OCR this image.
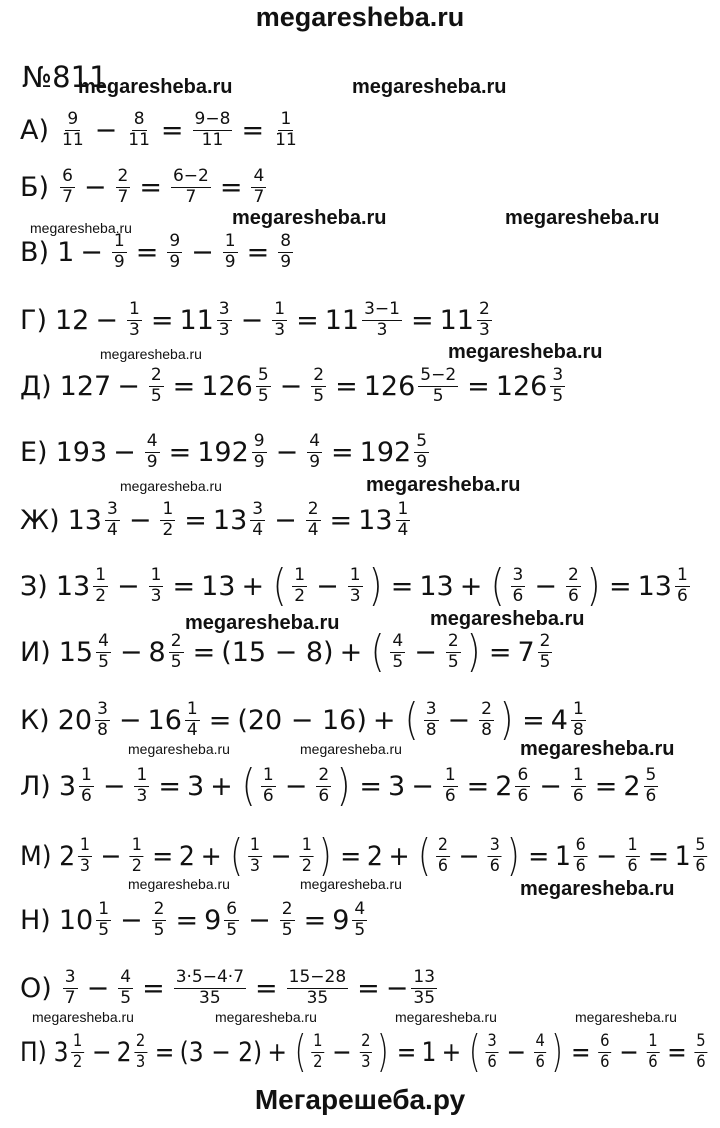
megaresheba.ru
№811
$А) \frac{9}{11} - \frac{8}{11} = \frac{9-8}{11} = \frac{1}{11}$
$Б) \frac{6}{7} - \frac{2}{7} = \frac{6-2}{7} = \frac{4}{7}$
В) $1 - \frac{1}{9} = \frac{9}{9} - \frac{1}{9} = \frac{8}{9}$
Г) $12 - \frac{1}{3} = 11 \frac{3}{3} - \frac{1}{3} = 11 \frac{3-1}{3} = 11 \frac{2}{3}$
Д) $127 - \frac{2}{5} = 126 \frac{5}{5} - \frac{2}{5} = 126 \frac{5-2}{5} = 126 \frac{3}{5}$
Е) $193 - \frac{4}{9} = 192 \frac{9}{9} - \frac{4}{9} = 192 \frac{5}{9}$
Ж) $13 \frac{3}{4} - \frac{1}{2} = 13 \frac{3}{4} - \frac{2}{4} = 13 \frac{1}{4}$
З) $13 \frac{1}{2} - \frac{1}{3} = 13$ + ( $\frac{1}{2} - \frac{1}{3}$ ) = 13 + ( $\frac{3}{6} - \frac{2}{6}$ ) = $13 \frac{1}{6}$
И) $15 \frac{4}{5} - 8 \frac{2}{5} = (15 - 8)$ + ( $\frac{4}{5} - \frac{2}{5}$ ) = $7 \frac{2}{5}$
К) $20 \frac{3}{8} - 16 \frac{1}{4} = (20 - 16)$ + ( $\frac{3}{8} - \frac{2}{8}$ ) = $4 \frac{1}{8}$
Л) $3 \frac{1}{6} - \frac{1}{3} = 3$ + ( $\frac{1}{6} - \frac{2}{6}$ ) = $3 - \frac{1}{6} = 2 \frac{6}{6} - \frac{1}{6} = 2 \frac{5}{6}$
М) $2 \frac{1}{3} - \frac{1}{2} = 2$ + ( $\frac{1}{3} - \frac{1}{2}$ ) = 2 + ( $\frac{2}{6} - \frac{3}{6}$ ) = $1 \frac{6}{6} - \frac{1}{6} = 1 \frac{5}{6}$
Н) $10 \frac{1}{5} - \frac{2}{5} = 9 \frac{6}{5} - \frac{2}{5} = 9 \frac{4}{5}$
$О) \frac{3}{7} - \frac{4}{5} = \frac{3\cdot 5-4\cdot 7}{35} = \frac{15-28}{35}$ = − $\frac{13}{35}$
П) $3 \frac{1}{2} - 2 \frac{2}{3} = (3 - 2)$ + ( $\frac{1}{2} - \frac{2}{3}$ ) = 1 + ( $\frac{3}{6} - \frac{4}{6}$ ) = $\frac{6}{6} - \frac{1}{6} = \frac{5}{6}$
megaresheba.ru	megaresheba.ru
megaresheba.ru	megaresheba.ru	megaresheba.ru
megaresheba.ru	megaresheba.ru
megaresheba.ru	megaresheba.ru
megaresheba.ru	megaresheba.ru
megaresheba.ru	megaresheba.ru	megaresheba.ru
megaresheba.ru	megaresheba.ru	megaresheba.ru
megaresheba.ru	megaresheba.ru	megaresheba.ru	megaresheba.ru
Мегарешеба.ру
